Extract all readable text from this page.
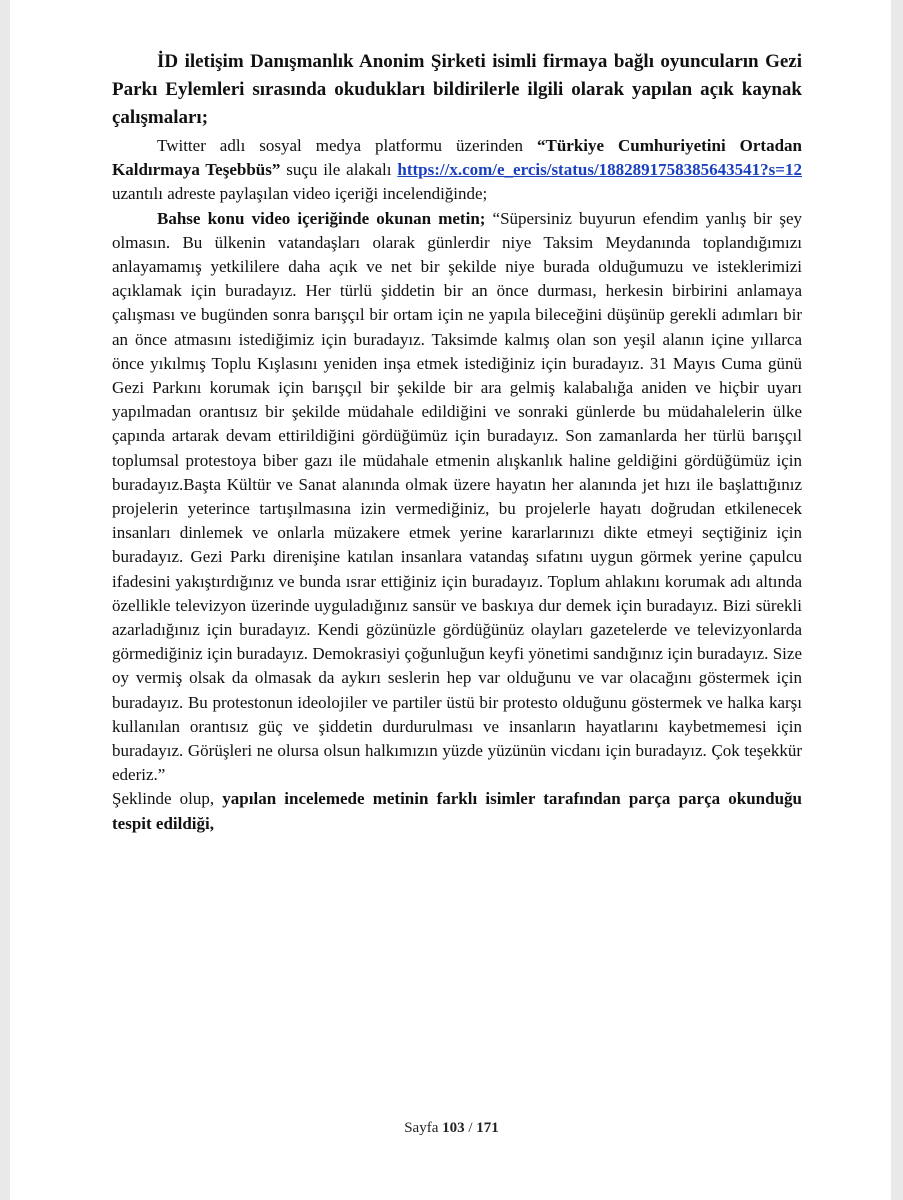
İD iletişim Danışmanlık Anonim Şirketi isimli firmaya bağlı oyuncuların Gezi Parkı Eylemleri sırasında okudukları bildirilerle ilgili olarak yapılan açık kaynak çalışmaları;

Twitter adlı sosyal medya platformu üzerinden “Türkiye Cumhuriyetini Ortadan Kaldırmaya Teşebbüs” suçu ile alakalı https://x.com/e_ercis/status/1882891758385643541?s=12 uzantılı adreste paylaşılan video içeriği incelendiğinde;

Bahse konu video içeriğinde okunan metin; “Süpersiniz buyurun efendim yanlış bir şey olmasın. Bu ülkenin vatandaşları olarak günlerdir niye Taksim Meydanında toplandığımızı anlayamamış yetkililere daha açık ve net bir şekilde niye burada olduğumuzu ve isteklerimizi açıklamak için buradayız. Her türlü şiddetin bir an önce durması, herkesin birbirini anlamaya çalışması ve bugünden sonra barışçıl bir ortam için ne yapıla bileceğini düşünüp gerekli adımları bir an önce atmasını istediğimiz için buradayız. Taksimde kalmış olan son yeşil alanın içine yıllarca önce yıkılmış Toplu Kışlasını yeniden inşa etmek istediğiniz için buradayız. 31 Mayıs Cuma günü Gezi Parkını korumak için barışçıl bir şekilde bir ara gelmiş kalabalığa aniden ve hiçbir uyarı yapılmadan orantısız bir şekilde müdahale edildiğini ve sonraki günlerde bu müdahalelerin ülke çapında artarak devam ettirildiğini gördüğümüz için buradayız. Son zamanlarda her türlü barışçıl toplumsal protestoya biber gazı ile müdahale etmenin alışkanlık haline geldiğini gördüğümüz için buradayız.Başta Kültür ve Sanat alanında olmak üzere hayatın her alanında jet hızı ile başlattığınız projelerin yeterince tartışılmasına izin vermediğiniz, bu projelerle hayatı doğrudan etkilenecek insanları dinlemek ve onlarla müzakere etmek yerine kararlarınızı dikte etmeyi seçtiğiniz için buradayız. Gezi Parkı direnişine katılan insanlara vatandaş sıfatını uygun görmek yerine çapulcu ifadesini yakıştırdığınız ve bunda ısrar ettiğiniz için buradayız. Toplum ahlakını korumak adı altında özellikle televizyon üzerinde uyguladığınız sansür ve baskıya dur demek için buradayız. Bizi sürekli azarladığınız için buradayız. Kendi gözünüzle gördüğünüz olayları gazetelerde ve televizyonlarda görmediğiniz için buradayız. Demokrasiyi çoğunluğun keyfi yönetimi sandığınız için buradayız. Size oy vermiş olsak da olmasak da aykırı seslerin hep var olduğunu ve var olacağını göstermek için buradayız. Bu protestonun ideolojiler ve partiler üstü bir protesto olduğunu göstermek ve halka karşı kullanılan orantısız güç ve şiddetin durdurulması ve insanların hayatlarını kaybetmemesi için buradayız. Görüşleri ne olursa olsun halkımızın yüzde yüzünün vicdanı için buradayız. Çok teşekkür ederiz.”

Şeklinde olup, yapılan incelemede metinin farklı isimler tarafından parça parça okunduğu tespit edildiği,

Sayfa 103 / 171
